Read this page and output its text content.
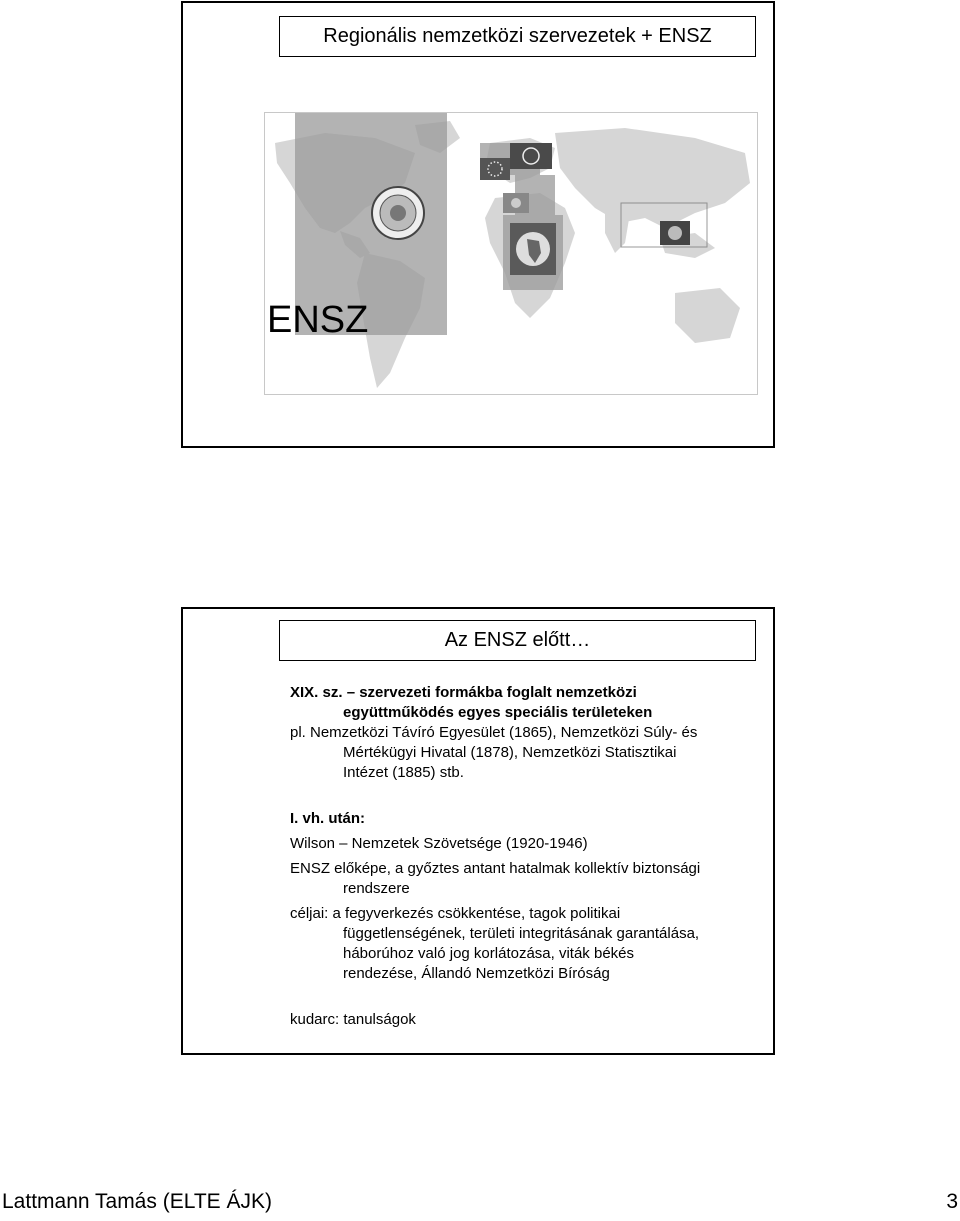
Regionális nemzetközi szervezetek + ENSZ
ENSZ
Az ENSZ előtt…

XIX. sz. – szervezeti formákba foglalt nemzetközi
együttműködés egyes speciális területeken

pl. Nemzetközi Távíró Egyesület (1865), Nemzetközi Súly- és
Mértékügyi Hivatal (1878), Nemzetközi Statisztikai
Intézet (1885) stb.

I. vh. után:

Wilson – Nemzetek Szövetsége (1920-1946)

ENSZ előképe, a győztes antant hatalmak kollektív biztonsági
rendszere

céljai: a fegyverkezés csökkentése, tagok politikai
függetlenségének, területi integritásának garantálása,
háborúhoz való jog korlátozása, viták békés
rendezése, Állandó Nemzetközi Bíróság

kudarc: tanulságok

Lattmann Tamás (ELTE ÁJK)	3
